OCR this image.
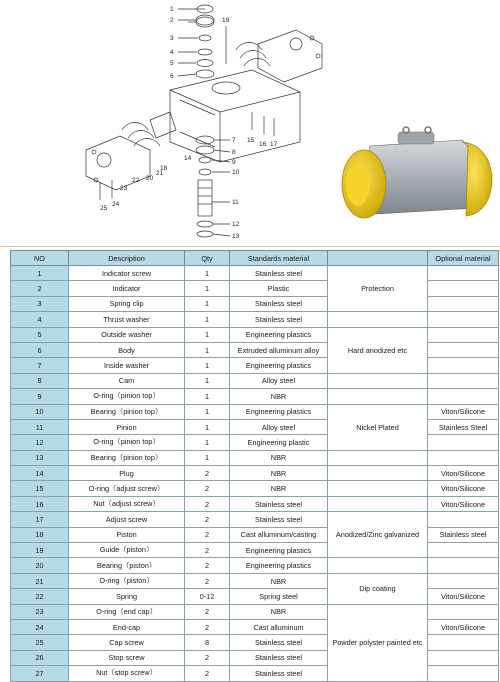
1
2	19
3
4
5
6
22
23
18
20
21
14
7
8
9
10
11
12
13
15
16 17
24
25
NO	Description	Qty	Standards material		Optional material
1	Indicator screw	1	Stainless steel	Protection	
2	Indicator	1	Plastic		
3	Spring clip	1	Stainless steel		
4	Thrust washer	1	Stainless steel		
5	Outside washer	1	Engineering plastics	Hard anodized etc	
6	Body	1	Extruded alluminum alloy		
7	Inside washer	1	Engineering plastics		
8	Cam	1	Alloy steel		
9	O-ring（pinion top）	1	NBR		
10	Bearing（pinion top）	1	Engineering plastics	Nickel Plated	Viton/Silicone
11	Pinion	1	Alloy steel		Stainless Steel
12	O-ring（pinion top）	1	Engineering plastic		
13	Bearing（pinion top）	1	NBR		
14	Plug	2	NBR		Viton/Silicone
15	O-ring（adjust screw）	2	NBR		Viton/Silicone
16	Nut（adjust screw）	2	Stainless steel		Viton/Silicone
17	Adjust screw	2	Stainless steel	Anodized/Zinc galvanized	
18	Piston	2	Cast alluminum/casting		Stainless steel
19	Guide（piston）	2	Engineering plastics		
20	Bearing（piston）	2	Engineering plastics		
21	O-ring（piston）	2	NBR	Dip coating	
22	Spring	0-12	Spring steel		Viton/Silicone
23	O-ring（end cap）	2	NBR	Powder polyster painted etc	
24	End-cap	2	Cast alluminum		Viton/Silicone
25	Cap screw	8	Stainless steel		
26	Stop screw	2	Stainless steel		
27	Nut（stop screw）	2	Stainless steel		
